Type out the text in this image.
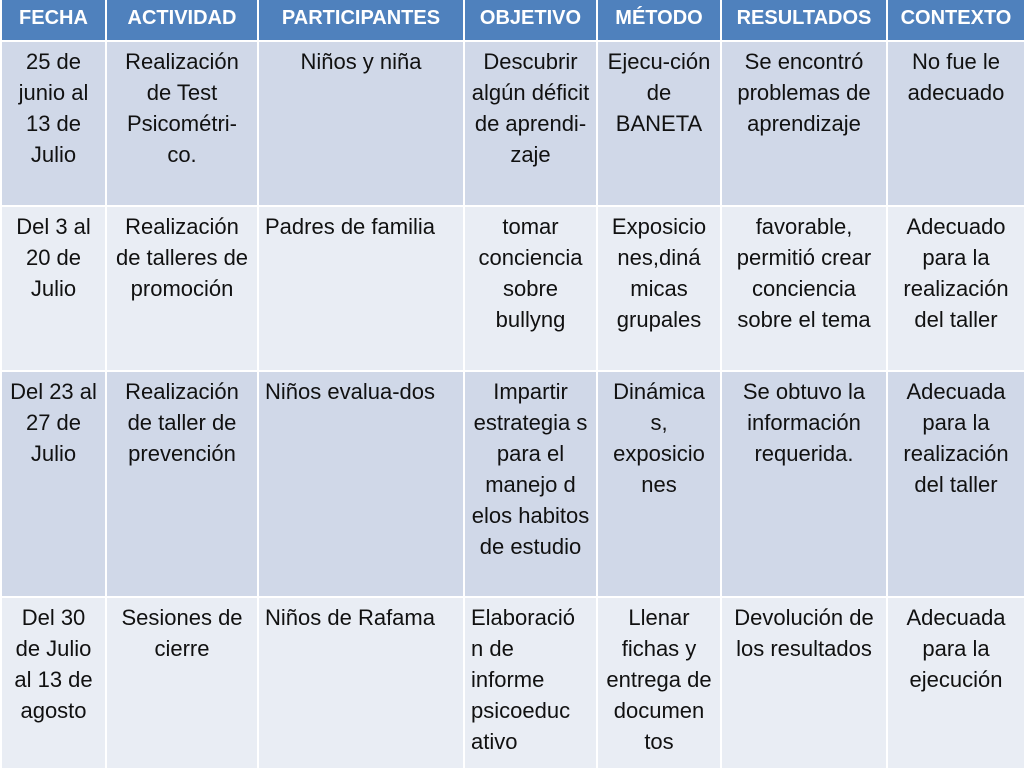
FECHA	ACTIVIDAD	PARTICIPANTES	OBJETIVO	MÉTODO	RESULTADOS	CONTEXTO
25 de junio al 13 de Julio	Realización de Test Psicométri-co.	Niños y niña	Descubrir algún déficit de aprendi-zaje	Ejecu-ción de BANETA	Se encontró problemas de aprendizaje	No fue le adecuado
Del 3 al 20 de Julio	Realización de talleres de promoción	Padres de familia	tomar conciencia sobre bullyng	Exposicio nes,diná micas grupales	favorable, permitió crear conciencia sobre el tema	Adecuado para la realización del taller
Del 23 al 27 de Julio	Realización de taller de prevención	Niños evalua-dos	Impartir estrategia s para el manejo d elos habitos de estudio	Dinámica s, exposicio nes	Se obtuvo la información requerida.	Adecuada para la realización del taller
Del 30 de Julio al 13 de agosto	Sesiones de cierre	Niños de Rafama	Elaboració n de informe psicoeduc ativo	Llenar fichas y entrega de documen tos	Devolución de los resultados	Adecuada para la ejecución
